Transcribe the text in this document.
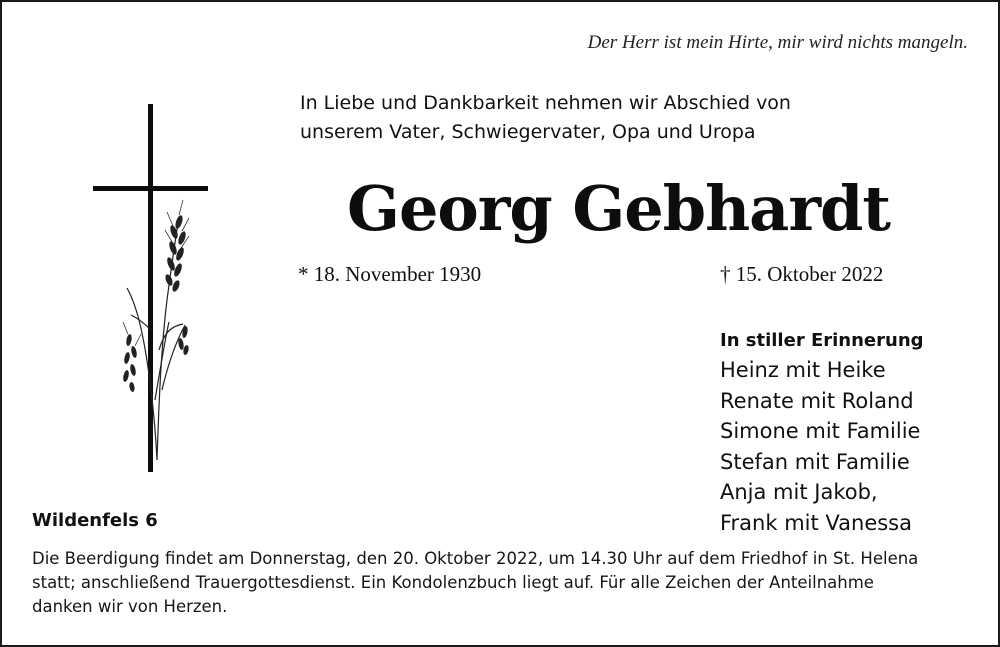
Der Herr ist mein Hirte, mir wird nichts mangeln.
In Liebe und Dankbarkeit nehmen wir Abschied von
unserem Vater, Schwiegervater, Opa und Uropa
Georg Gebhardt
* 18. November 1930	† 15. Oktober 2022
In stiller Erinnerung
Heinz mit Heike
Renate mit Roland
Simone mit Familie
Stefan mit Familie
Anja mit Jakob,
Frank mit Vanessa
Wildenfels 6
Die Beerdigung findet am Donnerstag, den 20. Oktober 2022, um 14.30 Uhr auf dem Friedhof in St. Helena
statt; anschließend Trauergottesdienst. Ein Kondolenzbuch liegt auf. Für alle Zeichen der Anteilnahme
danken wir von Herzen.
